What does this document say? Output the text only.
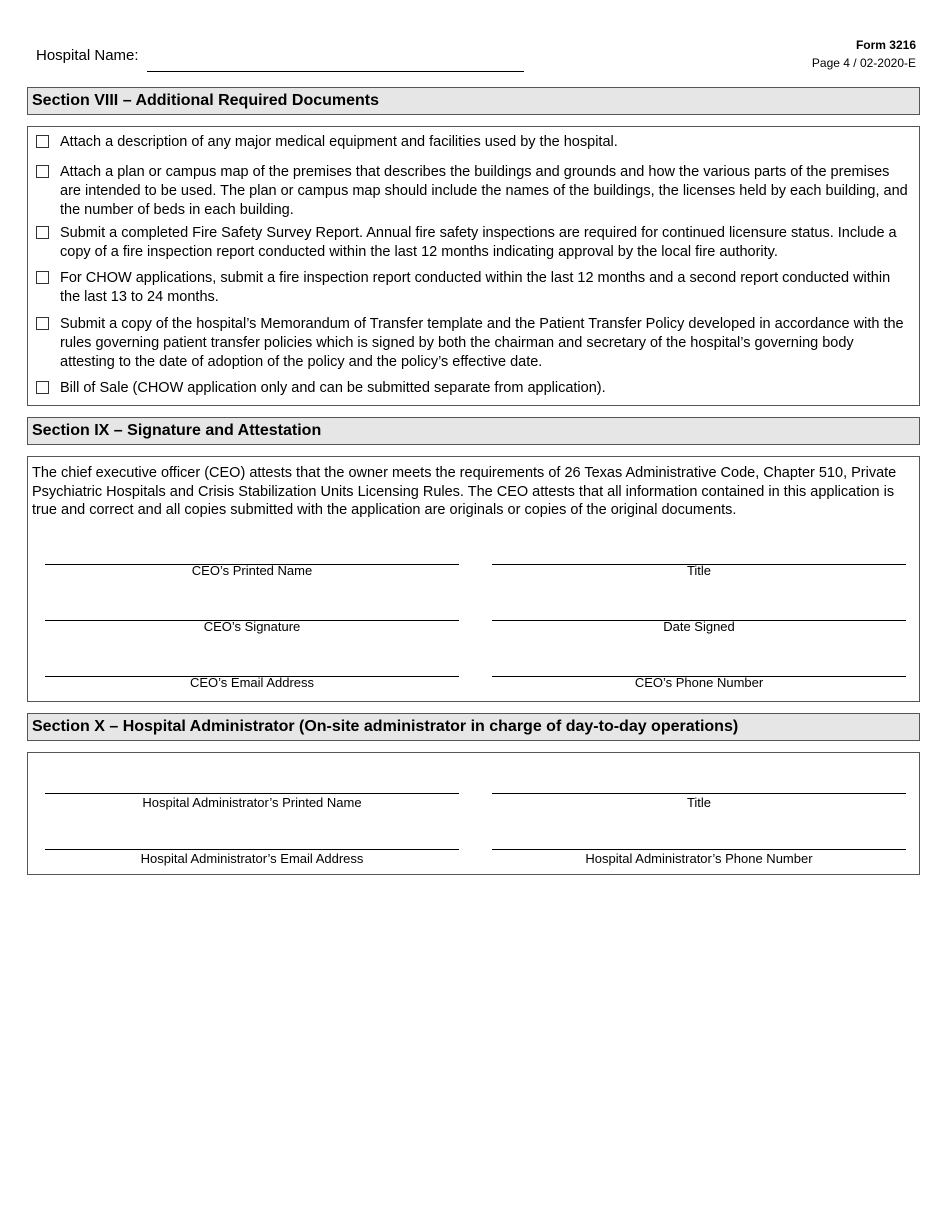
Hospital Name:
Form 3216
Page 4 / 02-2020-E
Section VIII – Additional Required Documents
Attach a description of any major medical equipment and facilities used by the hospital.
Attach a plan or campus map of the premises that describes the buildings and grounds and how the various parts of the premises are intended to be used. The plan or campus map should include the names of the buildings, the licenses held by each building, and the number of beds in each building.
Submit a completed Fire Safety Survey Report. Annual fire safety inspections are required for continued licensure status. Include a copy of a fire inspection report conducted within the last 12 months indicating approval by the local fire authority.
For CHOW applications, submit a fire inspection report conducted within the last 12 months and a second report conducted within the last 13 to 24 months.
Submit a copy of the hospital’s Memorandum of Transfer template and the Patient Transfer Policy developed in accordance with the rules governing patient transfer policies which is signed by both the chairman and secretary of the hospital’s governing body attesting to the date of adoption of the policy and the policy’s effective date.
Bill of Sale (CHOW application only and can be submitted separate from application).
Section IX – Signature and Attestation
The chief executive officer (CEO) attests that the owner meets the requirements of 26 Texas Administrative Code, Chapter 510, Private Psychiatric Hospitals and Crisis Stabilization Units Licensing Rules. The CEO attests that all information contained in this application is true and correct and all copies submitted with the application are originals or copies of the original documents.
CEO’s Printed Name	Title
CEO’s Signature	Date Signed
CEO’s Email Address	CEO’s Phone Number
Section X – Hospital Administrator (On-site administrator in charge of day-to-day operations)
Hospital Administrator’s Printed Name	Title
Hospital Administrator’s Email Address	Hospital Administrator’s Phone Number
